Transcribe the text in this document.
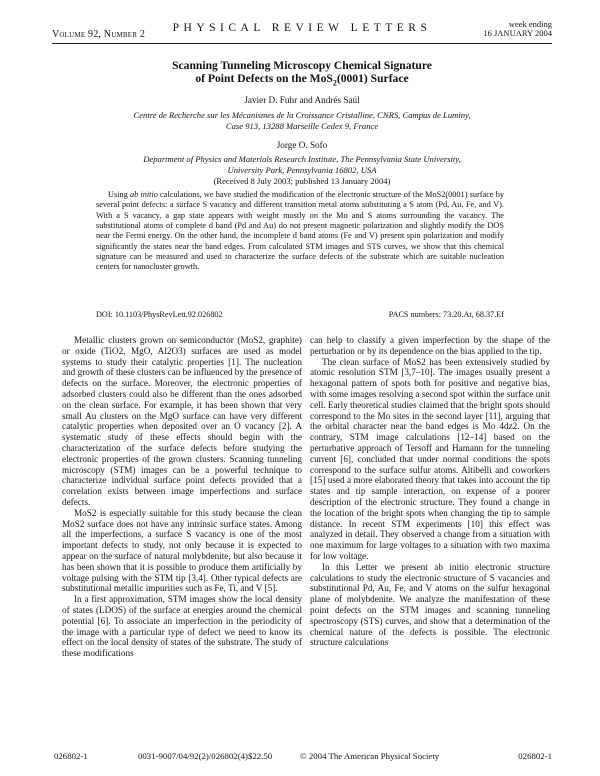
Volume 92, Number 2
PHYSICAL REVIEW LETTERS	week ending
16 JANUARY 2004
Scanning Tunneling Microscopy Chemical Signature
of Point Defects on the MoS$_2$(0001) Surface
Javier D. Fuhr and Andrés Saúl
Centre de Recherche sur les Mécanismes de la Croissance Cristalline, CNRS, Campus de Luminy,
Case 913, 13288 Marseille Cedex 9, France
Jorge O. Sofo
Department of Physics and Materials Research Institute, The Pennsylvania State University,
University Park, Pennsylvania 16802, USA
(Received 8 July 2003; published 13 January 2004)

Using ab initio calculations, we have studied the modification of the electronic structure of the MoS2(0001) surface by several point defects: a surface S vacancy and different transition metal atoms substituting a S atom (Pd, Au, Fe, and V). With a S vacancy, a gap state appears with weight mostly on the Mo and S atoms surrounding the vacancy. The substitutional atoms of complete d band (Pd and Au) do not present magnetic polarization and slightly modify the DOS near the Fermi energy. On the other hand, the incomplete d band atoms (Fe and V) present spin polarization and modify significantly the states near the band edges. From calculated STM images and STS curves, we show that this chemical signature can be measured and used to characterize the surface defects of the substrate which are suitable nucleation centers for nanocluster growth.

DOI: 10.1103/PhysRevLett.92.026802	PACS numbers: 73.20.At, 68.37.Ef

Metallic clusters grown on semiconductor (MoS2, graphite) or oxide (TiO2, MgO, Al2O3) surfaces are used as model systems to study their catalytic properties [1]. The nucleation and growth of these clusters can be influenced by the presence of defects on the surface. Moreover, the electronic properties of adsorbed clusters could also be different than the ones adsorbed on the clean surface. For example, it has been shown that very small Au clusters on the MgO surface can have very different catalytic properties when deposited over an O vacancy [2]. A systematic study of these effects should begin with the characterization of the surface defects before studying the electronic properties of the grown clusters. Scanning tunneling microscopy (STM) images can be a powerful technique to characterize individual surface point defects provided that a correlation exists between image imperfections and surface defects.

MoS2 is especially suitable for this study because the clean MoS2 surface does not have any intrinsic surface states. Among all the imperfections, a surface S vacancy is one of the most important defects to study, not only because it is expected to appear on the surface of natural molybdenite, but also because it has been shown that it is possible to produce them artificially by voltage pulsing with the STM tip [3,4]. Other typical defects are substitutional metallic impurities such as Fe, Ti, and V [5].

In a first approximation, STM images show the local density of states (LDOS) of the surface at energies around the chemical potential [6]. To associate an imperfection in the periodicity of the image with a particular type of defect we need to know its effect on the local density of states of the substrate. The study of these modifications

can help to classify a given imperfection by the shape of the perturbation or by its dependence on the bias applied to the tip.

The clean surface of MoS2 has been extensively studied by atomic resolution STM [3,7–10]. The images usually present a hexagonal pattern of spots both for positive and negative bias, with some images resolving a second spot within the surface unit cell. Early theoretical studies claimed that the bright spots should correspond to the Mo sites in the second layer [11], arguing that the orbital character near the band edges is Mo 4dz2. On the contrary, STM image calculations [12–14] based on the perturbative approach of Tersoff and Hamann for the tunneling current [6], concluded that under normal conditions the spots correspond to the surface sulfur atoms. Altibelli and coworkers [15] used a more elaborated theory that takes into account the tip states and tip sample interaction, on expense of a poorer description of the electronic structure. They found a change in the location of the bright spots when changing the tip to sample distance. In recent STM experiments [10] this effect was analyzed in detail. They observed a change from a situation with one maximum for large voltages to a situation with two maxima for low voltage.

In this Letter we present ab initio electronic structure calculations to study the electronic structure of S vacancies and substitutional Pd, Au, Fe, and V atoms on the sulfur hexagonal plane of molybdenite. We analyze the manifestation of these point defects on the STM images and scanning tunneling spectroscopy (STS) curves, and show that a determination of the chemical nature of the defects is possible. The electronic structure calculations

026802-1	0031-9007/04/92(2)/026802(4)$22.50	© 2004 The American Physical Society	026802-1
